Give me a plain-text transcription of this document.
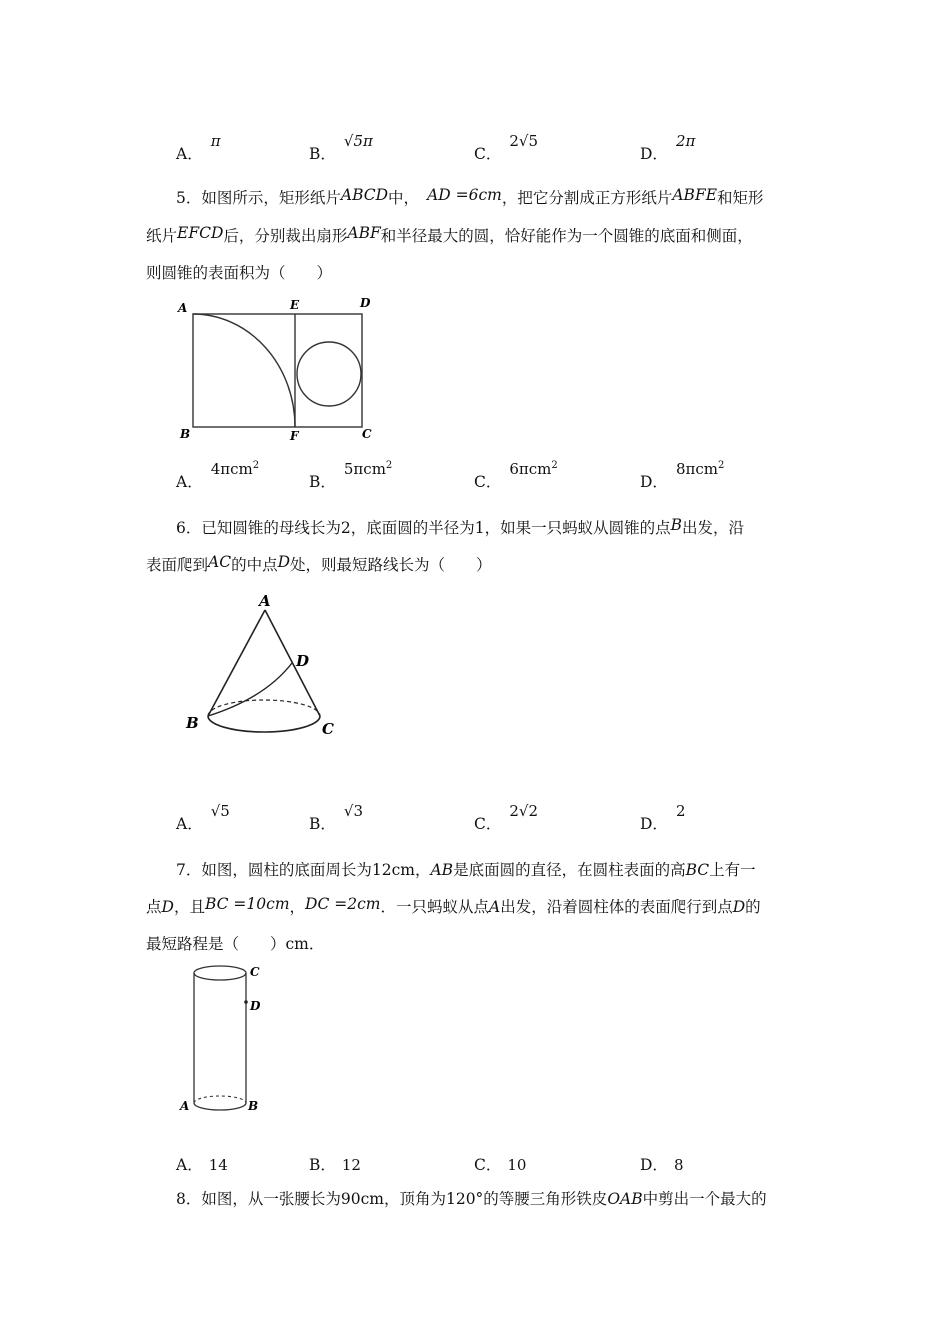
A．π
B．√5π
C．2√5
D．2π
5．如图所示，矩形纸片ABCD中， AD =6cm，把它分割成正方形纸片ABFE和矩形
纸片EFCD后，分别裁出扇形ABF和半径最大的圆，恰好能作为一个圆锥的底面和侧面，
则圆锥的表面积为（　　）
A	E	D
B	F	C
A．4πcm$^2$
B．5πcm$^2$
C．6πcm$^2$
D．8πcm$^2$
6．已知圆锥的母线长为2，底面圆的半径为1，如果一只蚂蚁从圆锥的点B出发，沿
表面爬到AC的中点D处，则最短路线长为（　　）
A
B	C
D
A．√5
B．√3
C．2√2
D．2
7．如图，圆柱的底面周长为12cm，AB是底面圆的直径，在圆柱表面的高BC上有一
点D，且BC =10cm，DC =2cm．一只蚂蚁从点A出发，沿着圆柱体的表面爬行到点D的
最短路程是（　　）cm．
C
D
A	B
A． 14	B． 12	C． 10	D． 8
8．如图，从一张腰长为90cm，顶角为120°的等腰三角形铁皮OAB中剪出一个最大的
